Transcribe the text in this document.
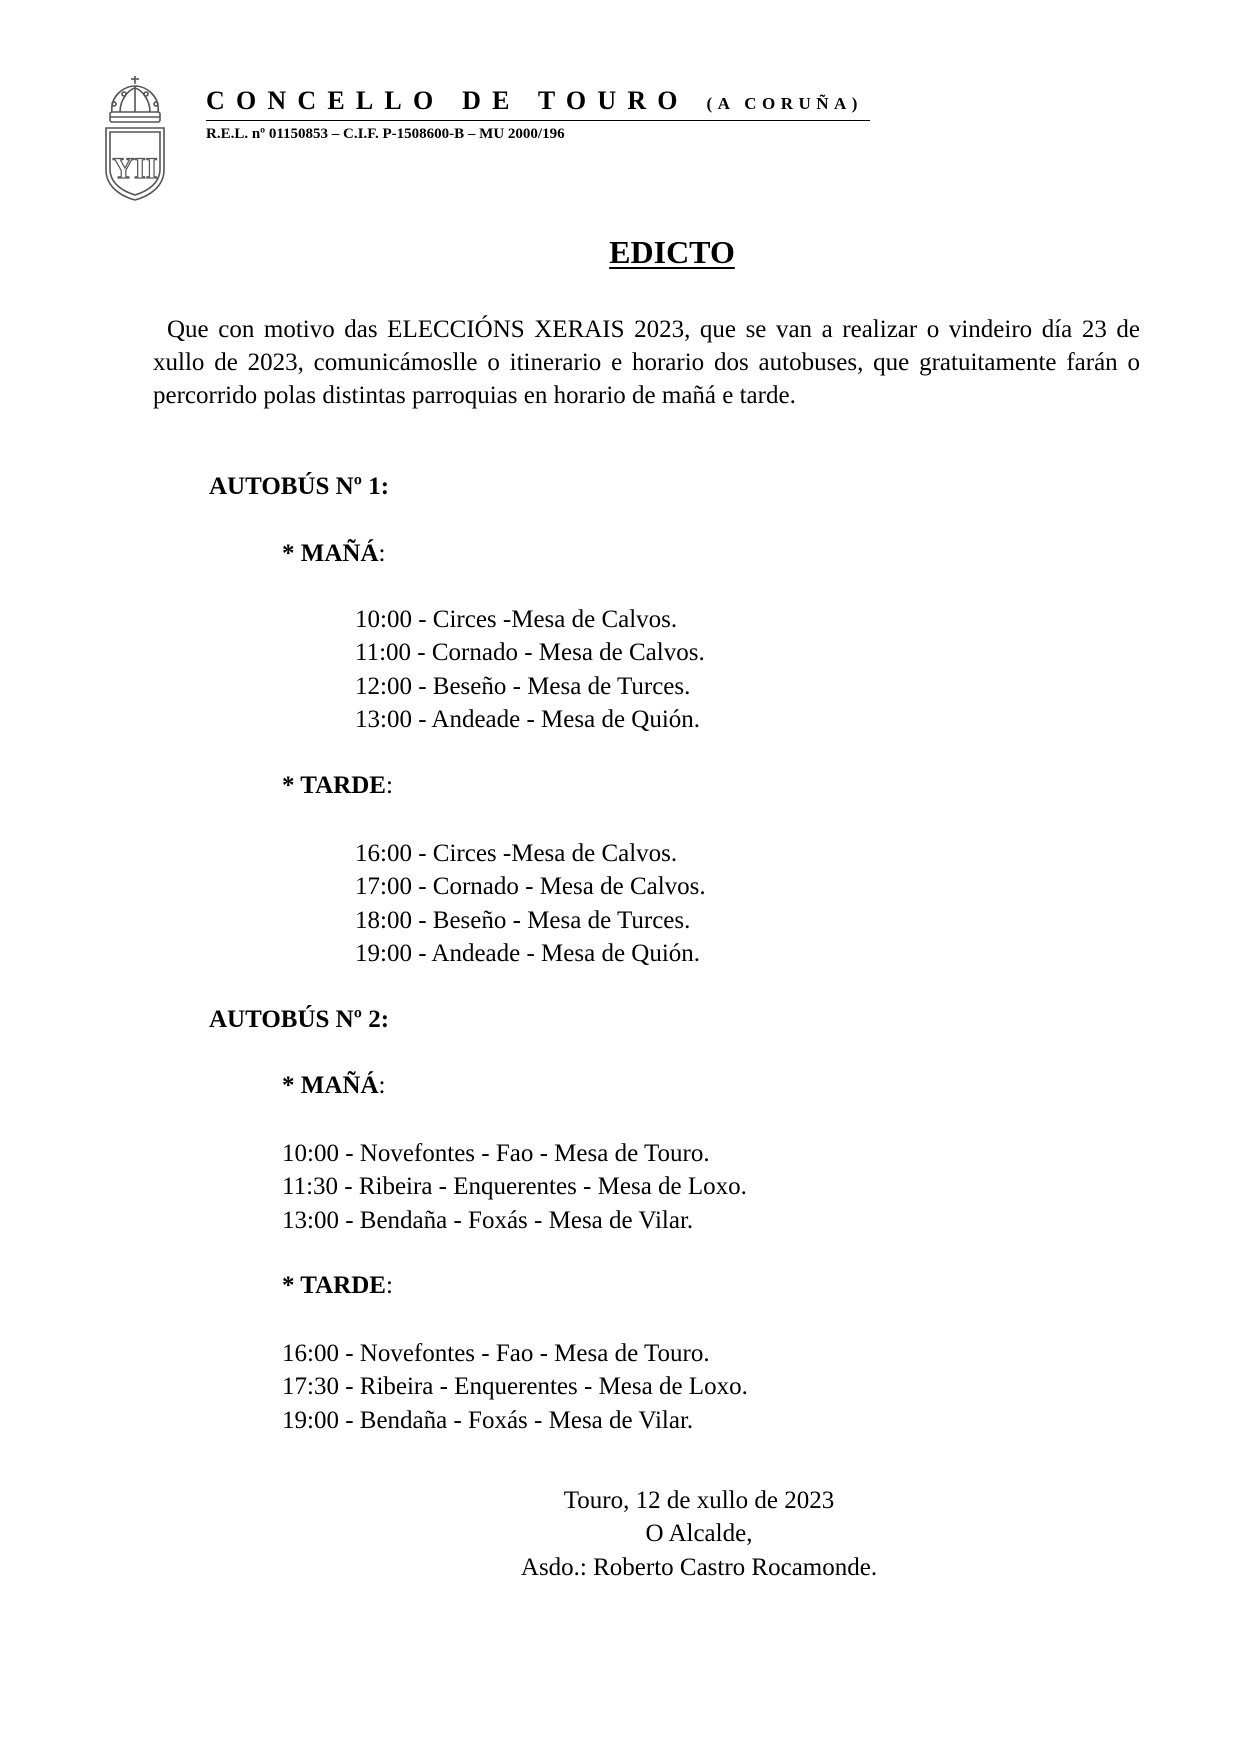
YII
CONCELLO DE TOURO (A CORUÑA)
R.E.L. nº 01150853 – C.I.F. P-1508600-B – MU 2000/196
EDICTO

Que con motivo das ELECCIÓNS XERAIS 2023, que se van a realizar o vindeiro día 23 de xullo de 2023, comunicámoslle o itinerario e horario dos autobuses, que gratuitamente farán o percorrido polas distintas parroquias en horario de mañá e tarde.

AUTOBÚS Nº 1:
* MAÑÁ:
10:00 - Circes -Mesa de Calvos.
11:00 - Cornado - Mesa de Calvos.
12:00 - Beseño - Mesa de Turces.
13:00 - Andeade - Mesa de Quión.
* TARDE:
16:00 - Circes -Mesa de Calvos.
17:00 - Cornado - Mesa de Calvos.
18:00 - Beseño - Mesa de Turces.
19:00 - Andeade - Mesa de Quión.
AUTOBÚS Nº 2:
* MAÑÁ:
10:00 - Novefontes - Fao - Mesa de Touro.
11:30 - Ribeira - Enquerentes - Mesa de Loxo.
13:00 - Bendaña - Foxás - Mesa de Vilar.
* TARDE:
16:00 - Novefontes - Fao - Mesa de Touro.
17:30 - Ribeira - Enquerentes - Mesa de Loxo.
19:00 - Bendaña - Foxás - Mesa de Vilar.
Touro, 12 de xullo de 2023
O Alcalde,
Asdo.: Roberto Castro Rocamonde.
